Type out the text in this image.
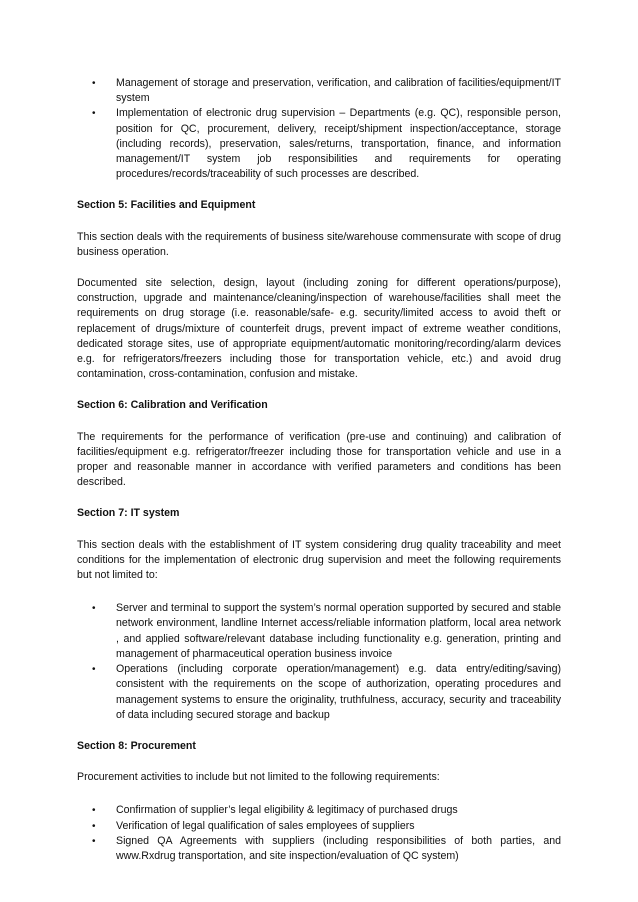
• Management of storage and preservation, verification, and calibration of facilities/equipment/IT system
• Implementation of electronic drug supervision – Departments (e.g. QC), responsible person, position for QC, procurement, delivery, receipt/shipment inspection/acceptance, storage (including records), preservation, sales/returns, transportation, finance, and information management/IT system job responsibilities and requirements for operating procedures/records/traceability of such processes are described.
Section 5: Facilities and Equipment

This section deals with the requirements of business site/warehouse commensurate with scope of drug business operation.

Documented site selection, design, layout (including zoning for different operations/purpose), construction, upgrade and maintenance/cleaning/inspection of warehouse/facilities shall meet the requirements on drug storage (i.e. reasonable/safe- e.g. security/limited access to avoid theft or replacement of drugs/mixture of counterfeit drugs, prevent impact of extreme weather conditions, dedicated storage sites, use of appropriate equipment/automatic monitoring/recording/alarm devices e.g. for refrigerators/freezers including those for transportation vehicle, etc.) and avoid drug contamination, cross-contamination, confusion and mistake.

Section 6: Calibration and Verification

The requirements for the performance of verification (pre-use and continuing) and calibration of facilities/equipment e.g. refrigerator/freezer including those for transportation vehicle and use in a proper and reasonable manner in accordance with verified parameters and conditions has been described.

Section 7: IT system

This section deals with the establishment of IT system considering drug quality traceability and meet conditions for the implementation of electronic drug supervision and meet the following requirements but not limited to:

• Server and terminal to support the system’s normal operation supported by secured and stable network environment, landline Internet access/reliable information platform, local area network , and applied software/relevant database including functionality e.g. generation, printing and management of pharmaceutical operation business invoice
• Operations (including corporate operation/management) e.g. data entry/editing/saving) consistent with the requirements on the scope of authorization, operating procedures and management systems to ensure the originality, truthfulness, accuracy, security and traceability of data including secured storage and backup
Section 8: Procurement

Procurement activities to include but not limited to the following requirements:

• Confirmation of supplier’s legal eligibility & legitimacy of purchased drugs
• Verification of legal qualification of sales employees of suppliers
• Signed QA Agreements with suppliers (including responsibilities of both parties, and www.Rxdrug transportation, and site inspection/evaluation of QC system)
